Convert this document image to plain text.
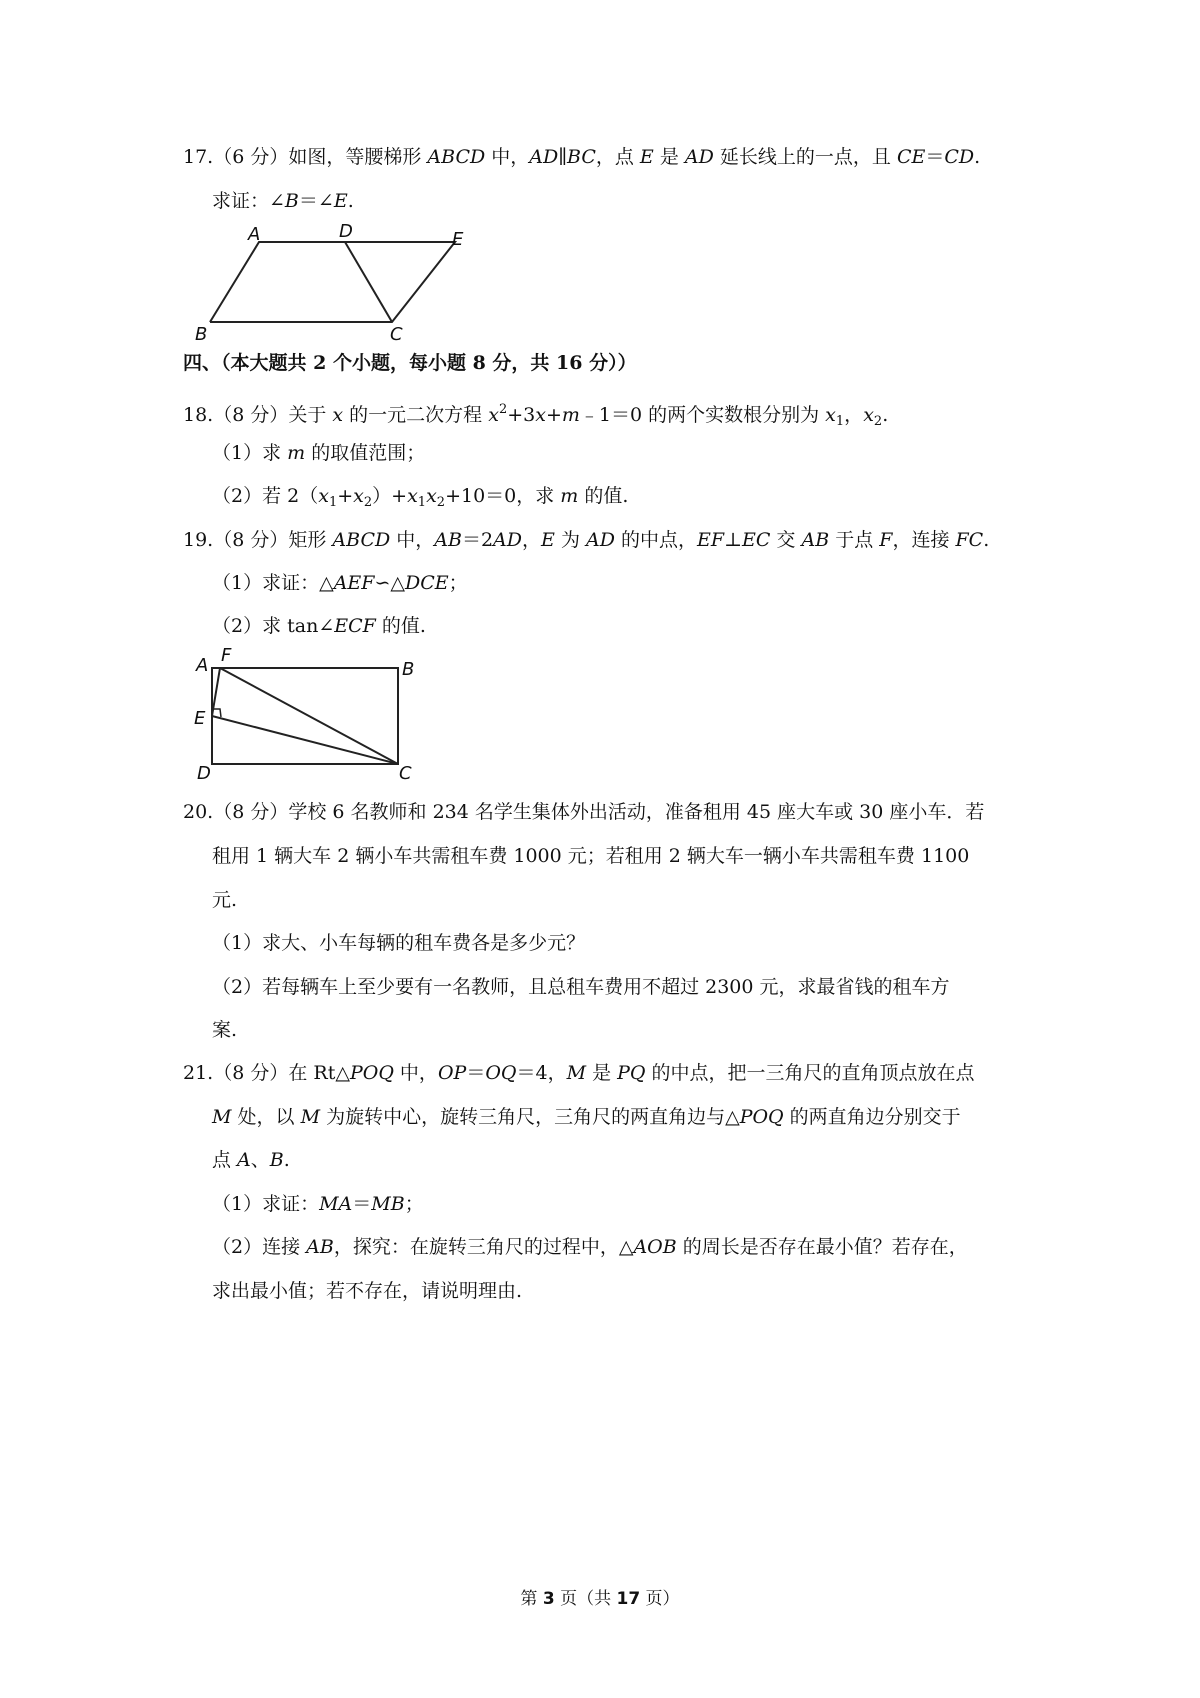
17.（6 分）如图，等腰梯形 ABCD 中，AD∥BC，点 E 是 AD 延长线上的一点，且 CE＝CD.
求证：∠B＝∠E.
A	D	E
B	C
四、（本大题共 2 个小题，每小题 8 分，共 16 分））
18.（8 分）关于 x 的一元二次方程 $x^2+3x+m﹣1=0$ 的两个实数根分别为 $x_1$，$x_2$.
（1）求 m 的取值范围；
（2）若 $2(x_1+x_2)+x_1x_2+10=0$，求 m 的值.
19.（8 分）矩形 ABCD 中，AB＝2AD，E 为 AD 的中点，EF⊥EC 交 AB 于点 F，连接 FC.
（1）求证：△AEF∽△DCE；
（2）求 tan∠ECF 的值.
A F
B
E
D	C
20.（8 分）学校 6 名教师和 234 名学生集体外出活动，准备租用 45 座大车或 30 座小车．若
租用 1 辆大车 2 辆小车共需租车费 1000 元；若租用 2 辆大车一辆小车共需租车费 1100
元.
（1）求大、小车每辆的租车费各是多少元？
（2）若每辆车上至少要有一名教师，且总租车费用不超过 2300 元，求最省钱的租车方
案.
21.（8 分）在 Rt△POQ 中，OP＝OQ＝4，M 是 PQ 的中点，把一三角尺的直角顶点放在点
M 处，以 M 为旋转中心，旋转三角尺，三角尺的两直角边与△POQ 的两直角边分别交于
点 A、B.
（1）求证：MA＝MB；
（2）连接 AB，探究：在旋转三角尺的过程中，△AOB 的周长是否存在最小值？若存在，
求出最小值；若不存在，请说明理由.
第 3 页（共 17 页）
